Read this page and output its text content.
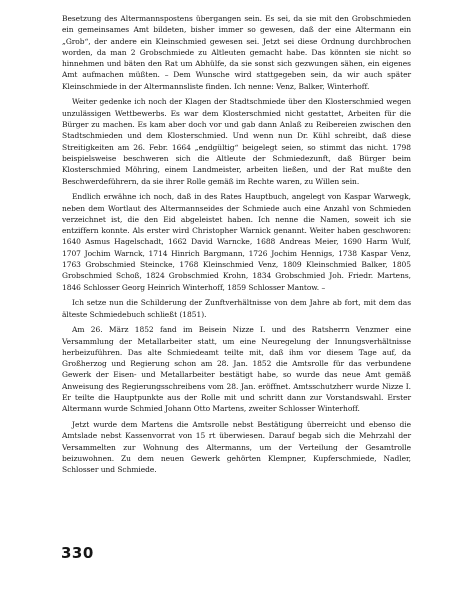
Besetzung des Altermannspostens übergangen sein. Es sei, da sie mit den Grobschmieden ein gemeinsames Amt bildeten, bisher immer so gewesen, daß der eine Altermann ein „Grob“, der andere ein Kleinschmied gewesen sei. Jetzt sei diese Ordnung durchbrochen worden, da man 2 Grobschmiede zu Altleuten gemacht habe. Das könnten sie nicht so hinnehmen und bäten den Rat um Abhülfe, da sie sonst sich gezwungen sähen, ein eigenes Amt aufmachen müßten. – Dem Wunsche wird stattgegeben sein, da wir auch später Kleinschmiede in der Altermannsliste finden. Ich nenne: Venz, Balker, Winterhoff.

Weiter gedenke ich noch der Klagen der Stadtschmiede über den Klosterschmied wegen unzulässigen Wettbewerbs. Es war dem Klosterschmied nicht gestattet, Arbeiten für die Bürger zu machen. Es kam aber doch vor und gab dann Anlaß zu Reibereien zwischen den Stadtschmieden und dem Klosterschmied. Und wenn nun Dr. Kühl schreibt, daß diese Streitigkeiten am 26. Febr. 1664 „endgültig“ beigelegt seien, so stimmt das nicht. 1798 beispielsweise beschweren sich die Altleute der Schmiedezunft, daß Bürger beim Klosterschmied Möhring, einem Landmeister, arbeiten ließen, und der Rat mußte den Beschwerdeführern, da sie ihrer Rolle gemäß im Rechte waren, zu Willen sein.

Endlich erwähne ich noch, daß in des Rates Hauptbuch, angelegt von Kaspar Warwegk, neben dem Wortlaut des Altermannseides der Schmiede auch eine Anzahl von Schmieden verzeichnet ist, die den Eid abgeleistet haben. Ich nenne die Namen, soweit ich sie entziffern konnte. Als erster wird Christopher Warnick genannt. Weiter haben geschworen: 1640 Asmus Hagelschadt, 1662 David Warncke, 1688 Andreas Meier, 1690 Harm Wulf, 1707 Jochim Warnck, 1714 Hinrich Bargmann, 1726 Jochim Hennigs, 1738 Kaspar Venz, 1763 Grobschmied Steincke, 1768 Kleinschmied Venz, 1809 Kleinschmied Balker, 1805 Grobschmied Schoß, 1824 Grobschmied Krohn, 1834 Grobschmied Joh. Friedr. Martens, 1846 Schlosser Georg Heinrich Winterhoff, 1859 Schlosser Mantow. –

Ich setze nun die Schilderung der Zunftverhältnisse von dem Jahre ab fort, mit dem das älteste Schmiedebuch schließt (1851).

Am 26. März 1852 fand im Beisein Nizze I. und des Ratsherrn Venzmer eine Versammlung der Metallarbeiter statt, um eine Neuregelung der Innungsverhältnisse herbeizuführen. Das alte Schmiedeamt teilte mit, daß ihm vor diesem Tage auf, da Großherzog und Regierung schon am 28. Jan. 1852 die Amtsrolle für das verbundene Gewerk der Eisen- und Metallarbeiter bestätigt habe, so wurde das neue Amt gemäß Anweisung des Regierungsschreibens vom 28. Jan. eröffnet. Amtsschutzherr wurde Nizze I. Er teilte die Hauptpunkte aus der Rolle mit und schritt dann zur Vorstandswahl. Erster Altermann wurde Schmied Johann Otto Martens, zweiter Schlosser Winterhoff.

Jetzt wurde dem Martens die Amtsrolle nebst Bestätigung überreicht und ebenso die Amtslade nebst Kassenvorrat von 15 rt überwiesen. Darauf begab sich die Mehrzahl der Versammelten zur Wohnung des Altermanns, um der Verteilung der Gesamtrolle beizuwohnen. Zu dem neuen Gewerk gehörten Klempner, Kupferschmiede, Nadler, Schlosser und Schmiede.

330
